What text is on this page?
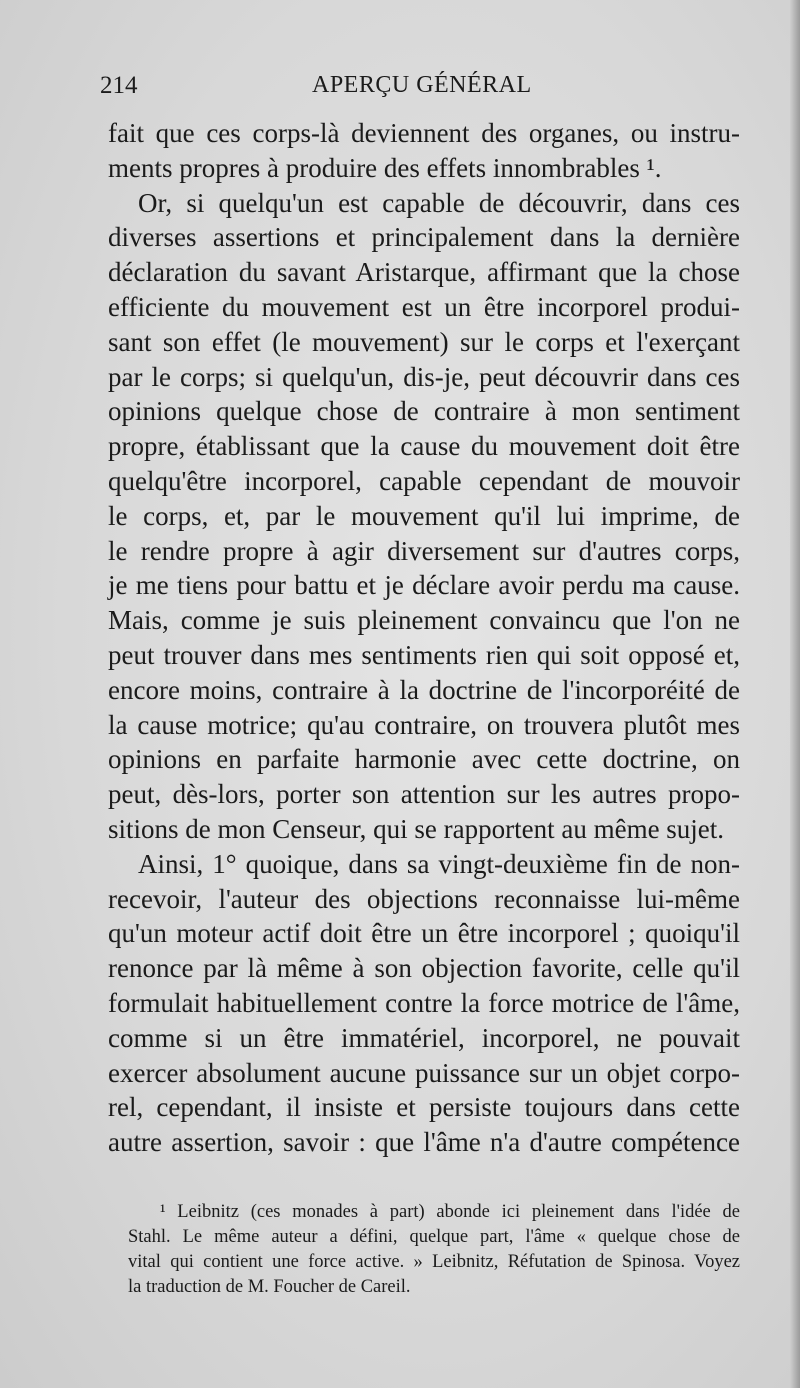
214	APERÇU GÉNÉRAL
fait que ces corps-là deviennent des organes, ou instru-
ments propres à produire des effets innombrables ¹.
Or, si quelqu'un est capable de découvrir, dans ces
diverses assertions et principalement dans la dernière
déclaration du savant Aristarque, affirmant que la chose
efficiente du mouvement est un être incorporel produi-
sant son effet (le mouvement) sur le corps et l'exerçant
par le corps; si quelqu'un, dis-je, peut découvrir dans ces
opinions quelque chose de contraire à mon sentiment
propre, établissant que la cause du mouvement doit être
quelqu'être incorporel, capable cependant de mouvoir
le corps, et, par le mouvement qu'il lui imprime, de
le rendre propre à agir diversement sur d'autres corps,
je me tiens pour battu et je déclare avoir perdu ma cause.
Mais, comme je suis pleinement convaincu que l'on ne
peut trouver dans mes sentiments rien qui soit opposé et,
encore moins, contraire à la doctrine de l'incorporéité de
la cause motrice; qu'au contraire, on trouvera plutôt mes
opinions en parfaite harmonie avec cette doctrine, on
peut, dès-lors, porter son attention sur les autres propo-
sitions de mon Censeur, qui se rapportent au même sujet.
Ainsi, 1° quoique, dans sa vingt-deuxième fin de non-
recevoir, l'auteur des objections reconnaisse lui-même
qu'un moteur actif doit être un être incorporel ; quoiqu'il
renonce par là même à son objection favorite, celle qu'il
formulait habituellement contre la force motrice de l'âme,
comme si un être immatériel, incorporel, ne pouvait
exercer absolument aucune puissance sur un objet corpo-
rel, cependant, il insiste et persiste toujours dans cette
autre assertion, savoir : que l'âme n'a d'autre compétence
¹ Leibnitz (ces monades à part) abonde ici pleinement dans l'idée de
Stahl. Le même auteur a défini, quelque part, l'âme « quelque chose de
vital qui contient une force active. » Leibnitz, Réfutation de Spinosa. Voyez
la traduction de M. Foucher de Careil.
